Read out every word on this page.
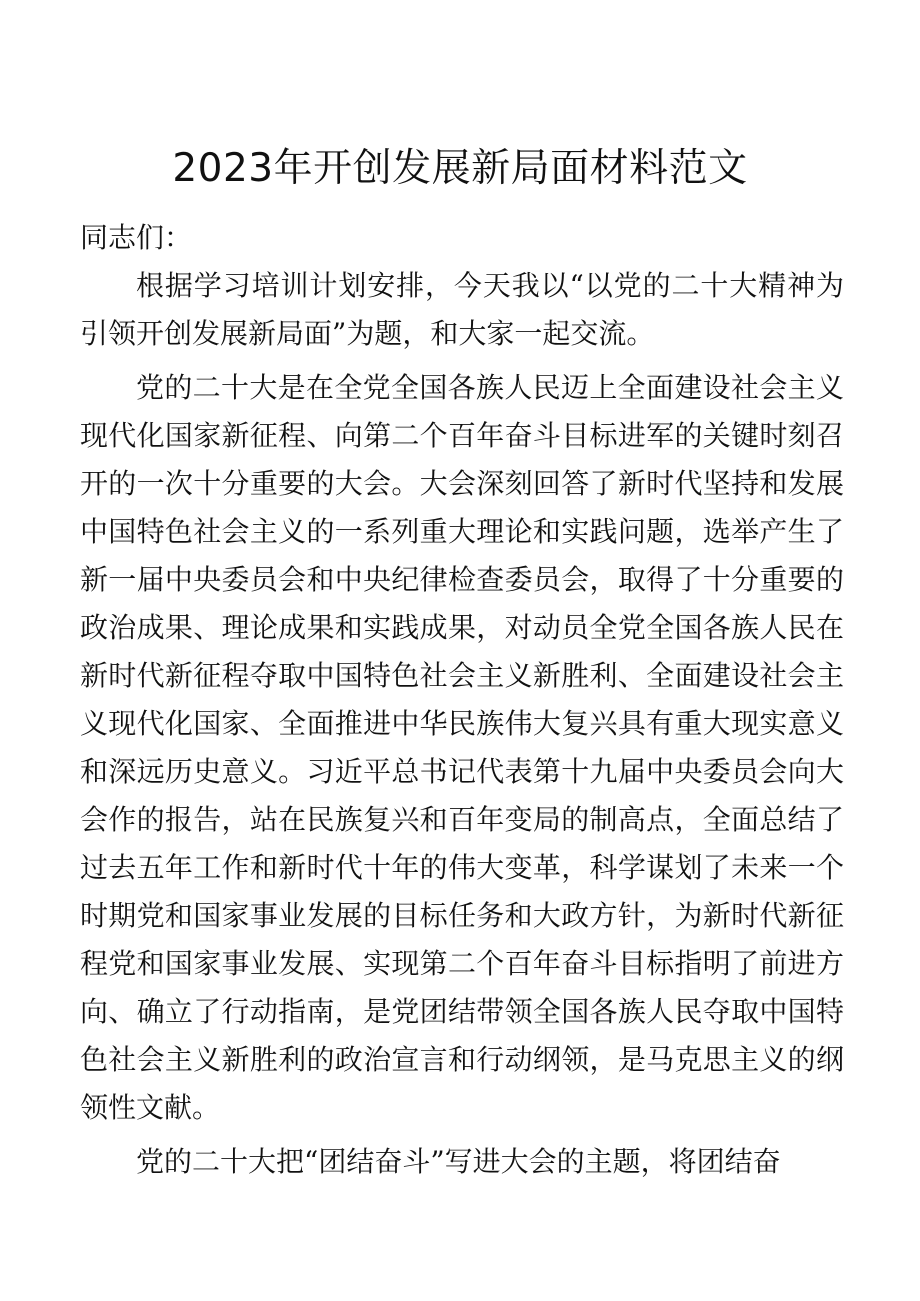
2023年开创发展新局面材料范文

同志们：

根据学习培训计划安排，今天我以“以党的二十大精神为引领开创发展新局面”为题，和大家一起交流。

党的二十大是在全党全国各族人民迈上全面建设社会主义现代化国家新征程、向第二个百年奋斗目标进军的关键时刻召开的一次十分重要的大会。大会深刻回答了新时代坚持和发展中国特色社会主义的一系列重大理论和实践问题，选举产生了新一届中央委员会和中央纪律检查委员会，取得了十分重要的政治成果、理论成果和实践成果，对动员全党全国各族人民在新时代新征程夺取中国特色社会主义新胜利、全面建设社会主义现代化国家、全面推进中华民族伟大复兴具有重大现实意义和深远历史意义。习近平总书记代表第十九届中央委员会向大会作的报告，站在民族复兴和百年变局的制高点，全面总结了过去五年工作和新时代十年的伟大变革，科学谋划了未来一个时期党和国家事业发展的目标任务和大政方针，为新时代新征程党和国家事业发展、实现第二个百年奋斗目标指明了前进方向、确立了行动指南，是党团结带领全国各族人民夺取中国特色社会主义新胜利的政治宣言和行动纲领，是马克思主义的纲领性文献。

党的二十大把“团结奋斗”写进大会的主题，将团结奋
